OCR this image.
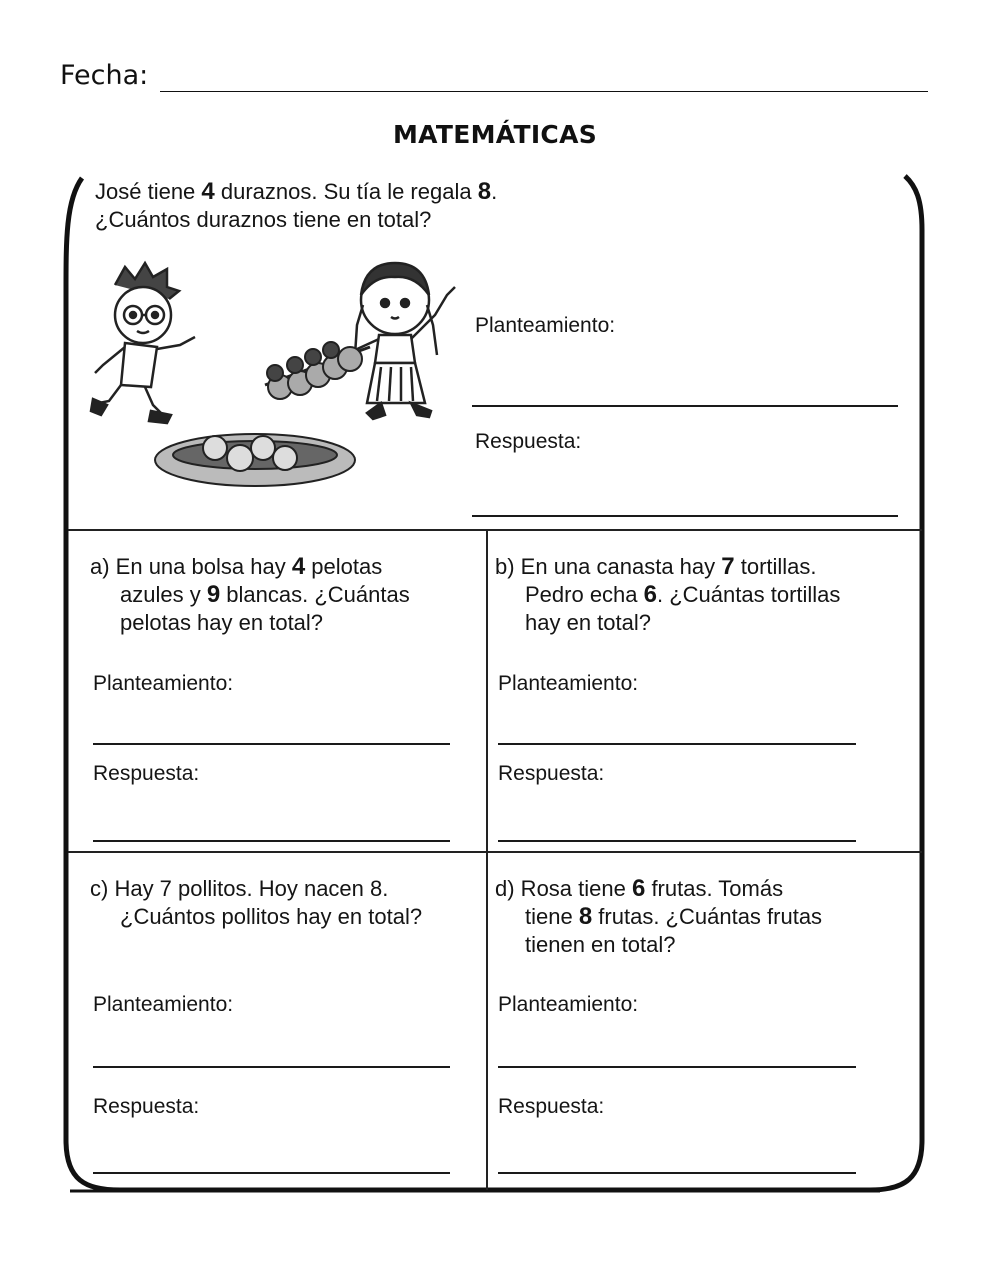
Fecha:
MATEMÁTICAS
José tiene 4 duraznos. Su tía le regala 8.
¿Cuántos duraznos tiene en total?
Planteamiento:
Respuesta:
a) En una bolsa hay 4 pelotas

azules y 9 blancas. ¿Cuántas
pelotas hay en total?
Planteamiento:
Respuesta:
b) En una canasta hay 7 tortillas.

Pedro echa 6. ¿Cuántas tortillas
hay en total?
Planteamiento:
Respuesta:
c) Hay 7 pollitos. Hoy nacen 8.

¿Cuántos pollitos hay en total?
Planteamiento:
Respuesta:
d) Rosa tiene 6 frutas. Tomás

tiene 8 frutas. ¿Cuántas frutas
tienen en total?
Planteamiento:
Respuesta:
